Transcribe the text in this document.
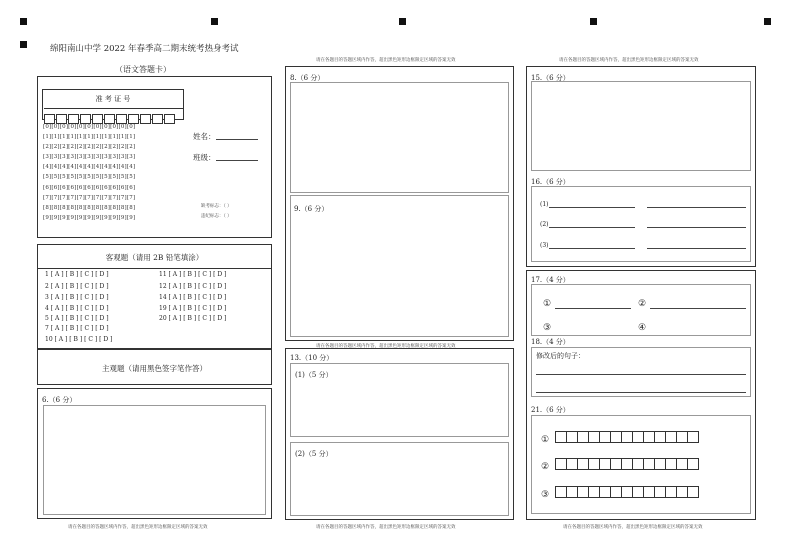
绵阳南山中学 2022 年春季高二期末统考热身考试
（语文答题卡）
准 考 证 号
姓名：
班级：
缺考标志：（ ）
违纪标志：（ ）
[0][0][0][0][0][0][0][0][0][0][0]
[1][1][1][1][1][1][1][1][1][1][1]
[2][2][2][2][2][2][2][2][2][2][2]
[3][3][3][3][3][3][3][3][3][3][3]
[4][4][4][4][4][4][4][4][4][4][4]
[5][5][5][5][5][5][5][5][5][5][5]
[6][6][6][6][6][6][6][6][6][6][6]
[7][7][7][7][7][7][7][7][7][7][7]
[8][8][8][8][8][8][8][8][8][8][8]
[9][9][9][9][9][9][9][9][9][9][9]
客观题（请用 2B 铅笔填涂）
1 [ A ] [ B ] [ C ] [ D ]
2 [ A ] [ B ] [ C ] [ D ]
3 [ A ] [ B ] [ C ] [ D ]
4 [ A ] [ B ] [ C ] [ D ]
5 [ A ] [ B ] [ C ] [ D ]
7 [ A ] [ B ] [ C ] [ D ]
10 [ A ] [ B ] [ C ] [ D ]
11 [ A ] [ B ] [ C ] [ D ]
12 [ A ] [ B ] [ C ] [ D ]
14 [ A ] [ B ] [ C ] [ D ]
19 [ A ] [ B ] [ C ] [ D ]
20 [ A ] [ B ] [ C ] [ D ]
主观题（请用黑色签字笔作答）
6.（6 分）
请在各题目的答题区域内作答，超出黑色矩形边框限定区域的答案无效
请在各题目的答题区域内作答，超出黑色矩形边框限定区域的答案无效
8.（6 分）
9.（6 分）
请在各题目的答题区域内作答，超出黑色矩形边框限定区域的答案无效
13.（10 分）
(1)（5 分）
(2)（5 分）
请在各题目的答题区域内作答，超出黑色矩形边框限定区域的答案无效
请在各题目的答题区域内作答，超出黑色矩形边框限定区域的答案无效
15.（6 分）
16.（6 分）
(1)
(2)
(3)
17.（4 分）
18.（4 分）
21.（6 分）
①	②
③	④
修改后的句子：
①
②
③
请在各题目的答题区域内作答，超出黑色矩形边框限定区域的答案无效
